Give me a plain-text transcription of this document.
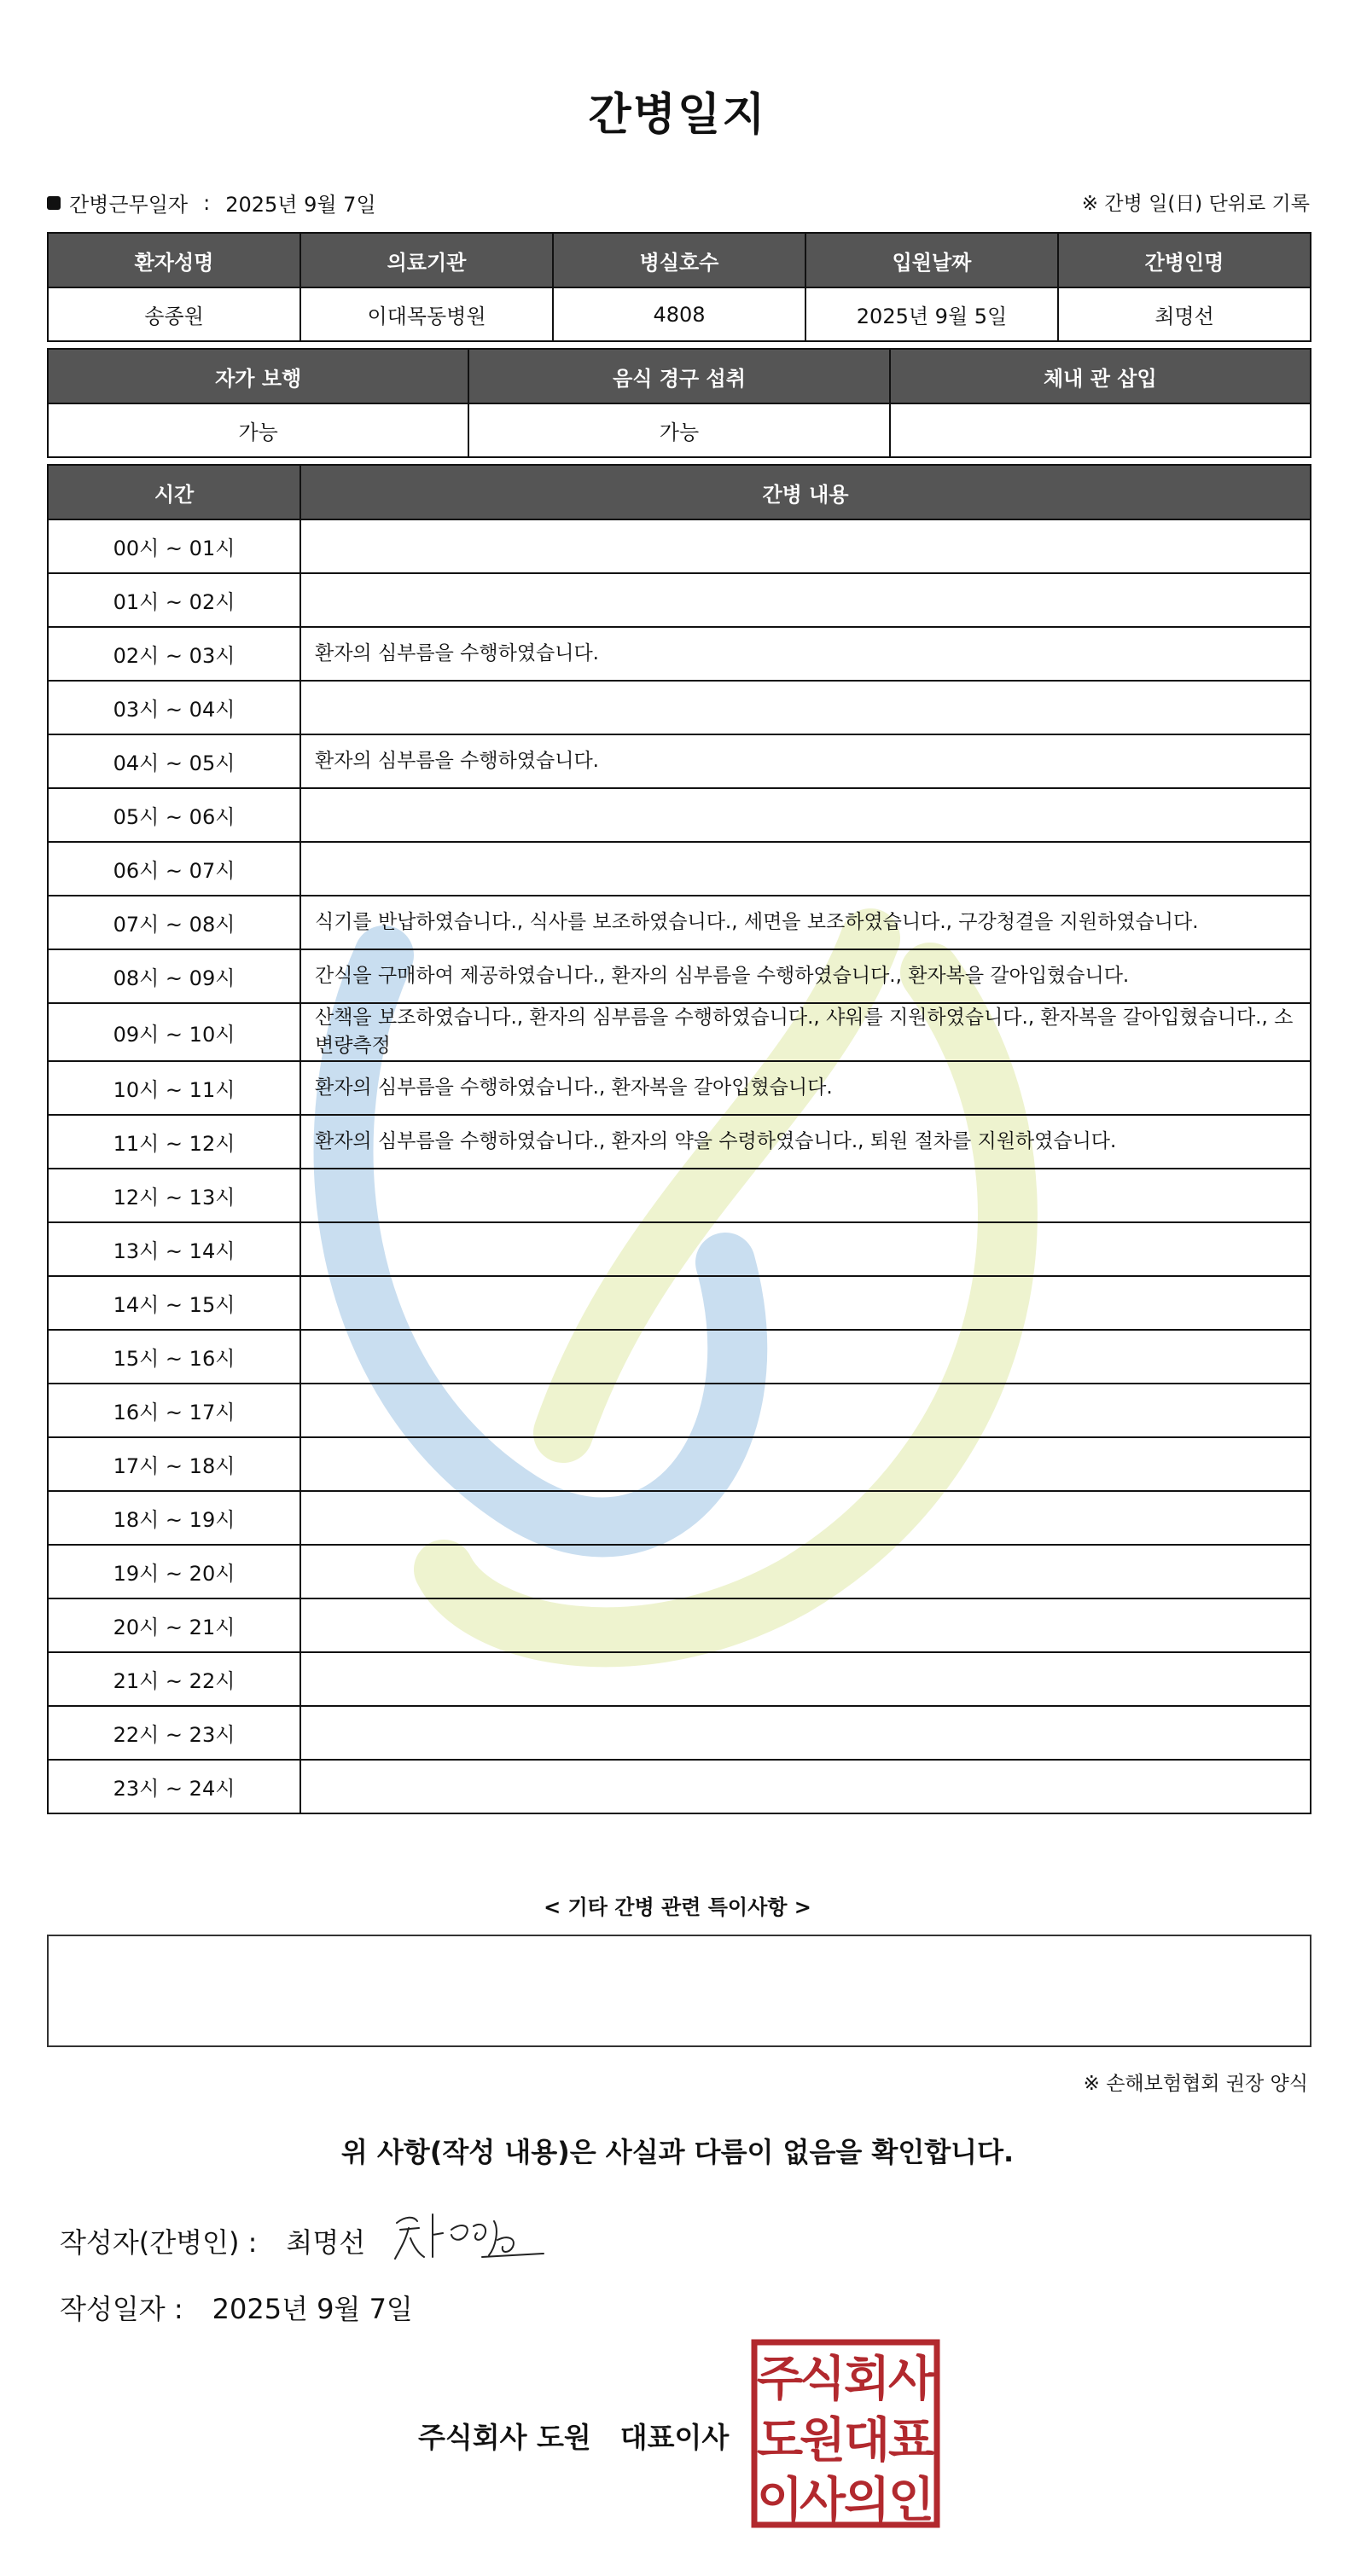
간병일지
간병근무일자 : 2025년 9월 7일	※ 간병 일(日) 단위로 기록
환자성명	의료기관	병실호수	입원날짜	간병인명
송종원	이대목동병원	4808	2025년 9월 5일	최명선
자가 보행	음식 경구 섭취	체내 관 삽입
가능	가능	
시간	간병 내용
00시 ~ 01시	
01시 ~ 02시	
02시 ~ 03시	환자의 심부름을 수행하였습니다.
03시 ~ 04시	
04시 ~ 05시	환자의 심부름을 수행하였습니다.
05시 ~ 06시	
06시 ~ 07시	
07시 ~ 08시	식기를 반납하였습니다., 식사를 보조하였습니다., 세면을 보조하였습니다., 구강청결을 지원하였습니다.
08시 ~ 09시	간식을 구매하여 제공하였습니다., 환자의 심부름을 수행하였습니다., 환자복을 갈아입혔습니다.
09시 ~ 10시	산책을 보조하였습니다., 환자의 심부름을 수행하였습니다., 샤워를 지원하였습니다., 환자복을 갈아입혔습니다., 소변량측정
10시 ~ 11시	환자의 심부름을 수행하였습니다., 환자복을 갈아입혔습니다.
11시 ~ 12시	환자의 심부름을 수행하였습니다., 환자의 약을 수령하였습니다., 퇴원 절차를 지원하였습니다.
12시 ~ 13시	
13시 ~ 14시	
14시 ~ 15시	
15시 ~ 16시	
16시 ~ 17시	
17시 ~ 18시	
18시 ~ 19시	
19시 ~ 20시	
20시 ~ 21시	
21시 ~ 22시	
22시 ~ 23시	
23시 ~ 24시	
< 기타 간병 관련 특이사항 >
※ 손해보험협회 권장 양식
위 사항(작성 내용)은 사실과 다름이 없음을 확인합니다.
작성자(간병인) : 최명선
작성일자 : 2025년 9월 7일
주식회사 도원 대표이사
주
식
회
사
도
원
대
표
이
사
의
인
